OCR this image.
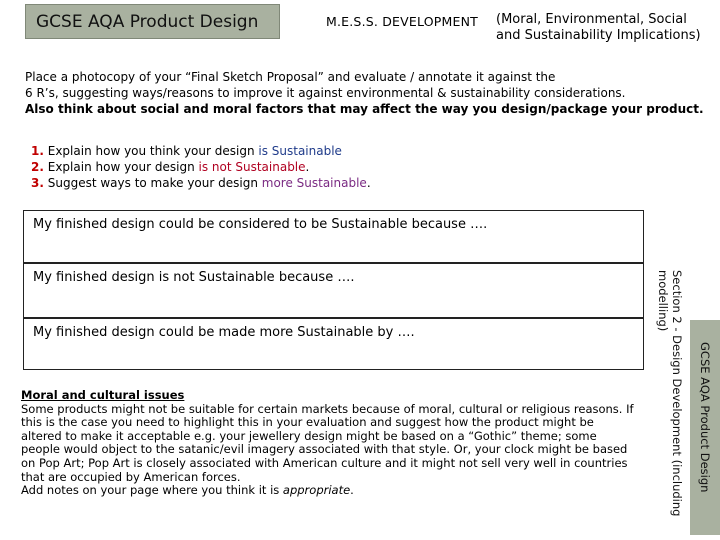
GCSE AQA Product Design	M.E.S.S. DEVELOPMENT (Moral, Environmental, Social and Sustainability Implications)
Place a photocopy of your “Final Sketch Proposal” and evaluate / annotate it against the
6 R’s, suggesting ways/reasons to improve it against environmental & sustainability considerations.
Also think about social and moral factors that may affect the way you design/package your product.
1. Explain how you think your design is Sustainable
2. Explain how your design is not Sustainable.
3. Suggest ways to make your design more Sustainable.
My finished design could be considered to be Sustainable because ….
My finished design is not Sustainable because ….
My finished design could be made more Sustainable by ….
Moral and cultural issues
Some products might not be suitable for certain markets because of moral, cultural or religious reasons. If this is the case you need to highlight this in your evaluation and suggest how the product might be altered to make it acceptable e.g. your jewellery design might be based on a “Gothic” theme; some people would object to the satanic/evil imagery associated with that style. Or, your clock might be based on Pop Art; Pop Art is closely associated with American culture and it might not sell very well in countries that are occupied by American forces.
Add notes on your page where you think it is appropriate.	Section 2 - Design Development (including modelling)
GCSE AQA Product Design
